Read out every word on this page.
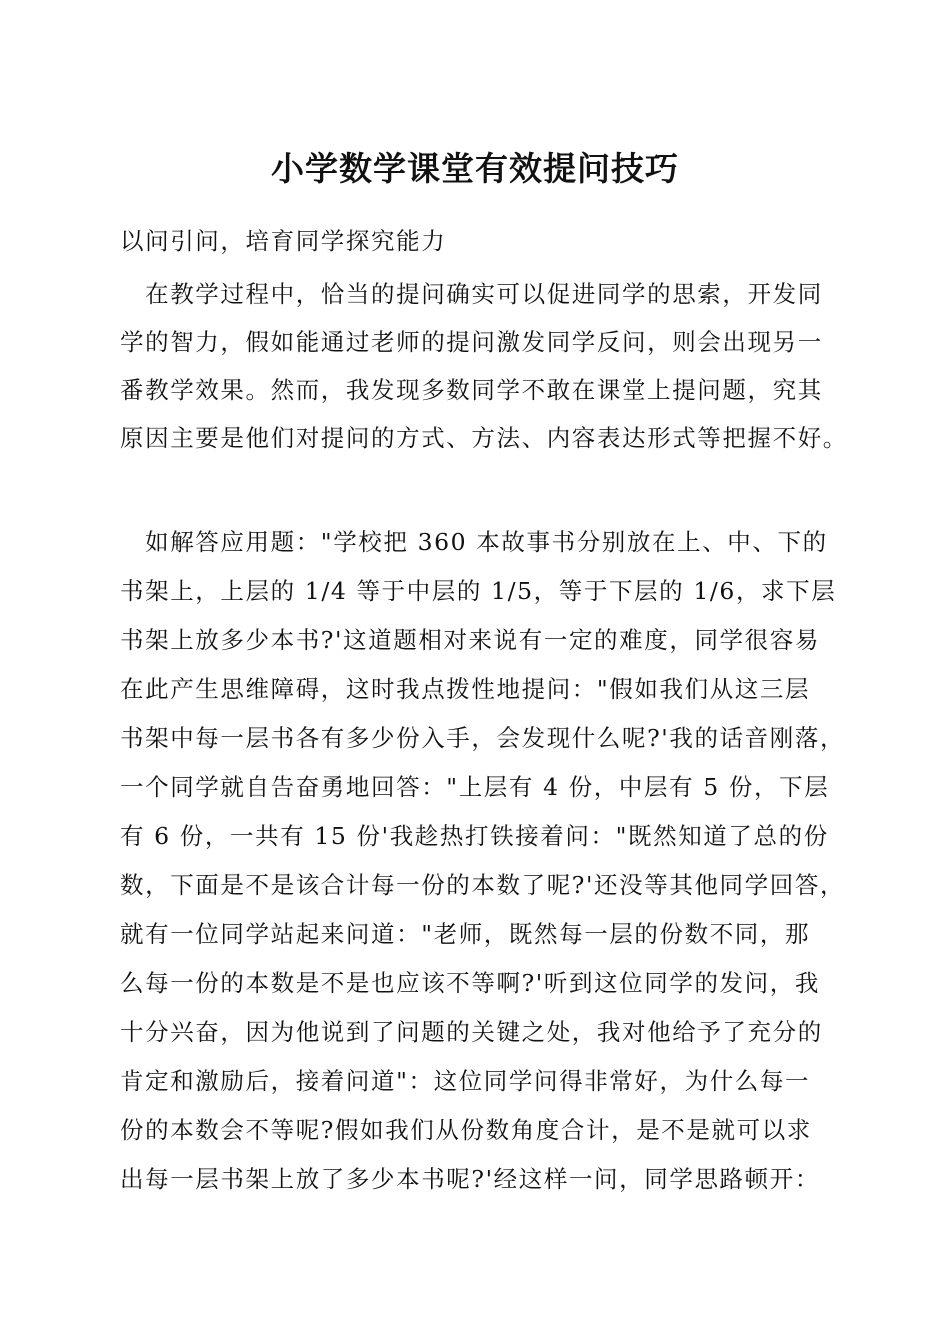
小学数学课堂有效提问技巧

以问引问，培育同学探究能力

　在教学过程中，恰当的提问确实可以促进同学的思索，开发同

学的智力，假如能通过老师的提问激发同学反问，则会出现另一

番教学效果。然而，我发现多数同学不敢在课堂上提问题，究其

原因主要是他们对提问的方式、方法、内容表达形式等把握不好。

　如解答应用题："学校把 360 本故事书分别放在上、中、下的

书架上，上层的 1/4 等于中层的 1/5，等于下层的 1/6，求下层

书架上放多少本书?'这道题相对来说有一定的难度，同学很容易

在此产生思维障碍，这时我点拨性地提问："假如我们从这三层

书架中每一层书各有多少份入手，会发现什么呢?'我的话音刚落，

一个同学就自告奋勇地回答："上层有 4 份，中层有 5 份，下层

有 6 份，一共有 15 份'我趁热打铁接着问："既然知道了总的份

数，下面是不是该合计每一份的本数了呢?'还没等其他同学回答，

就有一位同学站起来问道："老师，既然每一层的份数不同，那

么每一份的本数是不是也应该不等啊?'听到这位同学的发问，我

十分兴奋，因为他说到了问题的关键之处，我对他给予了充分的

肯定和激励后，接着问道"：这位同学问得非常好，为什么每一

份的本数会不等呢?假如我们从份数角度合计，是不是就可以求

出每一层书架上放了多少本书呢?'经这样一问，同学思路顿开：
